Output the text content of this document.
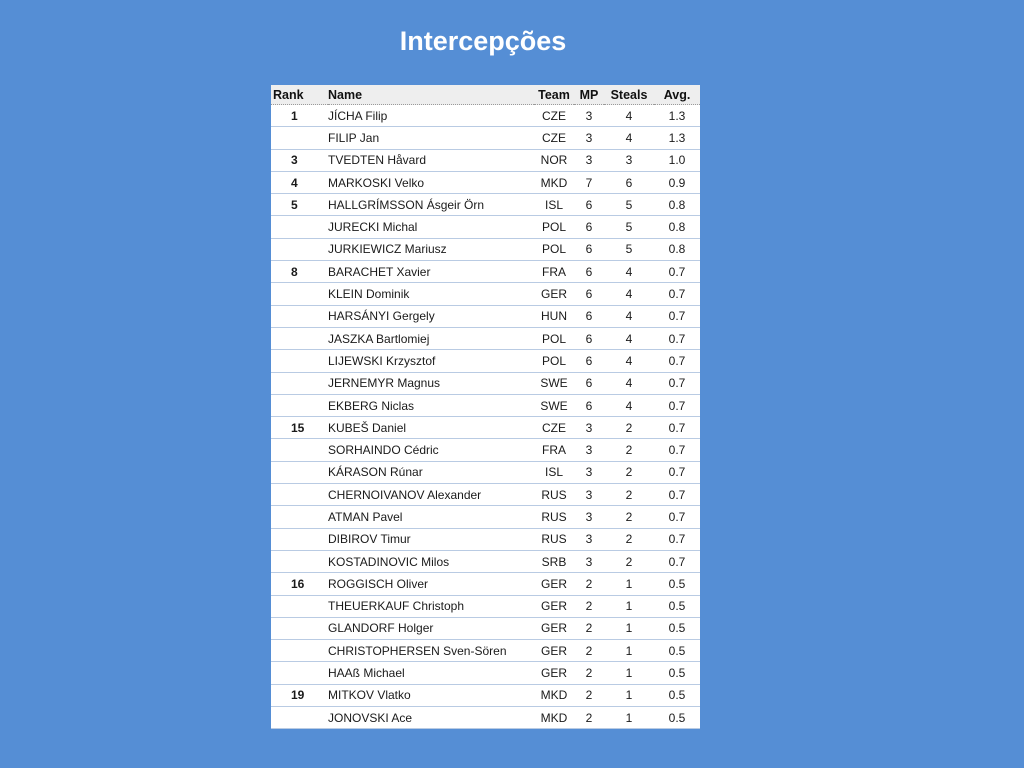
Intercepções
Rank	Name	Team	MP	Steals	Avg.
1	JÍCHA Filip	CZE	3	4	1.3
	FILIP Jan	CZE	3	4	1.3
3	TVEDTEN Håvard	NOR	3	3	1.0
4	MARKOSKI Velko	MKD	7	6	0.9
5	HALLGRÍMSSON Ásgeir Örn	ISL	6	5	0.8
	JURECKI Michal	POL	6	5	0.8
	JURKIEWICZ Mariusz	POL	6	5	0.8
8	BARACHET Xavier	FRA	6	4	0.7
	KLEIN Dominik	GER	6	4	0.7
	HARSÁNYI Gergely	HUN	6	4	0.7
	JASZKA Bartlomiej	POL	6	4	0.7
	LIJEWSKI Krzysztof	POL	6	4	0.7
	JERNEMYR Magnus	SWE	6	4	0.7
	EKBERG Niclas	SWE	6	4	0.7
15	KUBEŠ Daniel	CZE	3	2	0.7
	SORHAINDO Cédric	FRA	3	2	0.7
	KÁRASON Rúnar	ISL	3	2	0.7
	CHERNOIVANOV Alexander	RUS	3	2	0.7
	ATMAN Pavel	RUS	3	2	0.7
	DIBIROV Timur	RUS	3	2	0.7
	KOSTADINOVIC Milos	SRB	3	2	0.7
16	ROGGISCH Oliver	GER	2	1	0.5
	THEUERKAUF Christoph	GER	2	1	0.5
	GLANDORF Holger	GER	2	1	0.5
	CHRISTOPHERSEN Sven-Sören	GER	2	1	0.5
	HAAß Michael	GER	2	1	0.5
19	MITKOV Vlatko	MKD	2	1	0.5
	JONOVSKI Ace	MKD	2	1	0.5
